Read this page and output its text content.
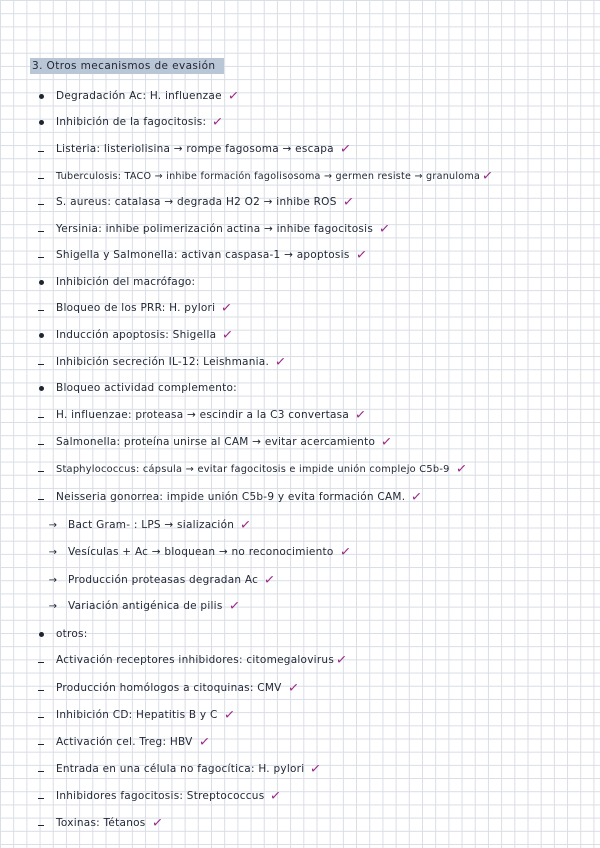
3. Otros mecanismos de evasión
Degradación Ac: H. influenzae ✓
Inhibición de la fagocitosis: ✓
Listeria: listeriolisina → rompe fagosoma → escapa ✓
Tuberculosis: TACO → inhibe formación fagolisosoma → germen resiste → granuloma ✓
S. aureus: catalasa → degrada H2 O2 → inhibe ROS ✓
Yersinia: inhibe polimerización actina → inhibe fagocitosis ✓
Shigella y Salmonella: activan caspasa-1 → apoptosis ✓
Inhibición del macrófago:
Bloqueo de los PRR: H. pylori ✓
Inducción apoptosis: Shigella ✓
Inhibición secreción IL-12: Leishmania. ✓
Bloqueo actividad complemento:
H. influenzae: proteasa → escindir a la C3 convertasa ✓
Salmonella: proteína unirse al CAM → evitar acercamiento ✓
Staphylococcus: cápsula → evitar fagocitosis e impide unión complejo C5b-9 ✓
Neisseria gonorrea: impide unión C5b-9 y evita formación CAM. ✓
→	Bact Gram- : LPS → sialización ✓
→	Vesículas + Ac → bloquean → no reconocimiento ✓
→	Producción proteasas degradan Ac ✓
→	Variación antigénica de pilis ✓
otros:
Activación receptores inhibidores: citomegalovirus ✓
Producción homólogos a citoquinas: CMV ✓
Inhibición CD: Hepatitis B y C ✓
Activación cel. Treg: HBV ✓
Entrada en una célula no fagocítica: H. pylori ✓
Inhibidores fagocitosis: Streptococcus ✓
Toxinas: Tétanos ✓
